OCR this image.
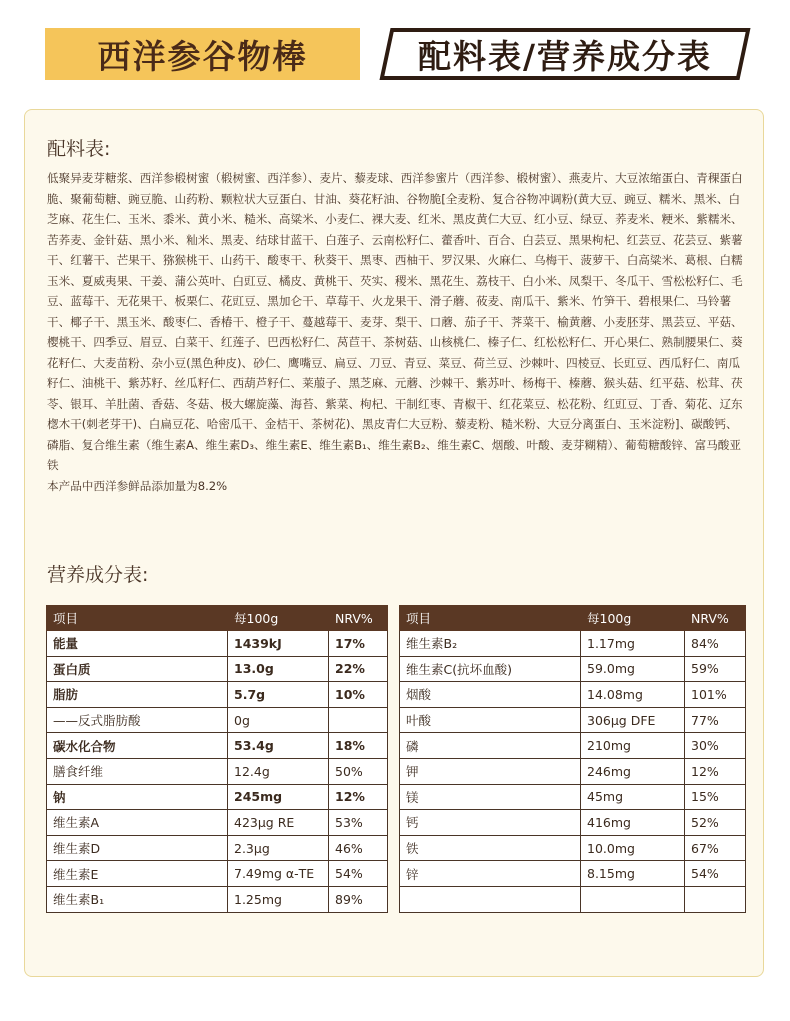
西洋参谷物棒	配料表/营养成分表
配料表:
低聚异麦芽糖浆、西洋参椴树蜜（椴树蜜、西洋参）、麦片、藜麦球、西洋参蜜片（西洋参、椴树蜜）、燕麦片、大豆浓缩蛋白、青稞蛋白脆、聚葡萄糖、豌豆脆、山药粉、颗粒状大豆蛋白、甘油、葵花籽油、谷物脆[全麦粉、复合谷物冲调粉(黄大豆、豌豆、糯米、黑米、白芝麻、花生仁、玉米、黍米、黄小米、糙米、高粱米、小麦仁、裸大麦、红米、黑皮黄仁大豆、红小豆、绿豆、荞麦米、粳米、紫糯米、苦荞麦、金针菇、黑小米、籼米、黑麦、结球甘蓝干、白莲子、云南松籽仁、藿香叶、百合、白芸豆、黑果枸杞、红芸豆、花芸豆、紫薯干、红薯干、芒果干、猕猴桃干、山药干、酸枣干、秋葵干、黑枣、西柚干、罗汉果、火麻仁、乌梅干、菠萝干、白高粱米、葛根、白糯玉米、夏威夷果、干姜、蒲公英叶、白豇豆、橘皮、黄桃干、芡实、稷米、黑花生、荔枝干、白小米、凤梨干、冬瓜干、雪松松籽仁、毛豆、蓝莓干、无花果干、板栗仁、花豇豆、黑加仑干、草莓干、火龙果干、滑子蘑、莜麦、南瓜干、紫米、竹笋干、碧根果仁、马铃薯干、椰子干、黑玉米、酸枣仁、香椿干、橙子干、蔓越莓干、麦芽、梨干、口蘑、茄子干、荠菜干、榆黄蘑、小麦胚芽、黑芸豆、平菇、樱桃干、四季豆、眉豆、白菜干、红莲子、巴西松籽仁、莴苣干、茶树菇、山核桃仁、榛子仁、红松松籽仁、开心果仁、熟制腰果仁、葵花籽仁、大麦苗粉、杂小豆(黑色种皮)、砂仁、鹰嘴豆、扁豆、刀豆、青豆、菜豆、荷兰豆、沙棘叶、四棱豆、长豇豆、西瓜籽仁、南瓜籽仁、油桃干、紫苏籽、丝瓜籽仁、西葫芦籽仁、莱菔子、黑芝麻、元蘑、沙棘干、紫苏叶、杨梅干、榛蘑、猴头菇、红平菇、松茸、茯苓、银耳、羊肚菌、香菇、冬菇、极大螺旋藻、海苔、紫菜、枸杞、干制红枣、青椒干、红花菜豆、松花粉、红豇豆、丁香、菊花、辽东楤木干(刺老芽干)、白扁豆花、哈密瓜干、金桔干、茶树花)、黑皮青仁大豆粉、藜麦粉、糙米粉、大豆分离蛋白、玉米淀粉]、碳酸钙、磷脂、复合维生素（维生素A、维生素D₃、维生素E、维生素B₁、维生素B₂、维生素C、烟酸、叶酸、麦芽糊精）、葡萄糖酸锌、富马酸亚铁
本产品中西洋参鲜品添加量为8.2%
营养成分表:
项目	每100g	NRV%
能量	1439kJ	17%
蛋白质	13.0g	22%
脂肪	5.7g	10%
——反式脂肪酸	0g	
碳水化合物	53.4g	18%
膳食纤维	12.4g	50%
钠	245mg	12%
维生素A	423μg RE	53%
维生素D	2.3μg	46%
维生素E	7.49mg α-TE	54%
维生素B₁	1.25mg	89%
项目	每100g	NRV%
维生素B₂	1.17mg	84%
维生素C(抗坏血酸)	59.0mg	59%
烟酸	14.08mg	101%
叶酸	306μg DFE	77%
磷	210mg	30%
钾	246mg	12%
镁	45mg	15%
钙	416mg	52%
铁	10.0mg	67%
锌	8.15mg	54%
